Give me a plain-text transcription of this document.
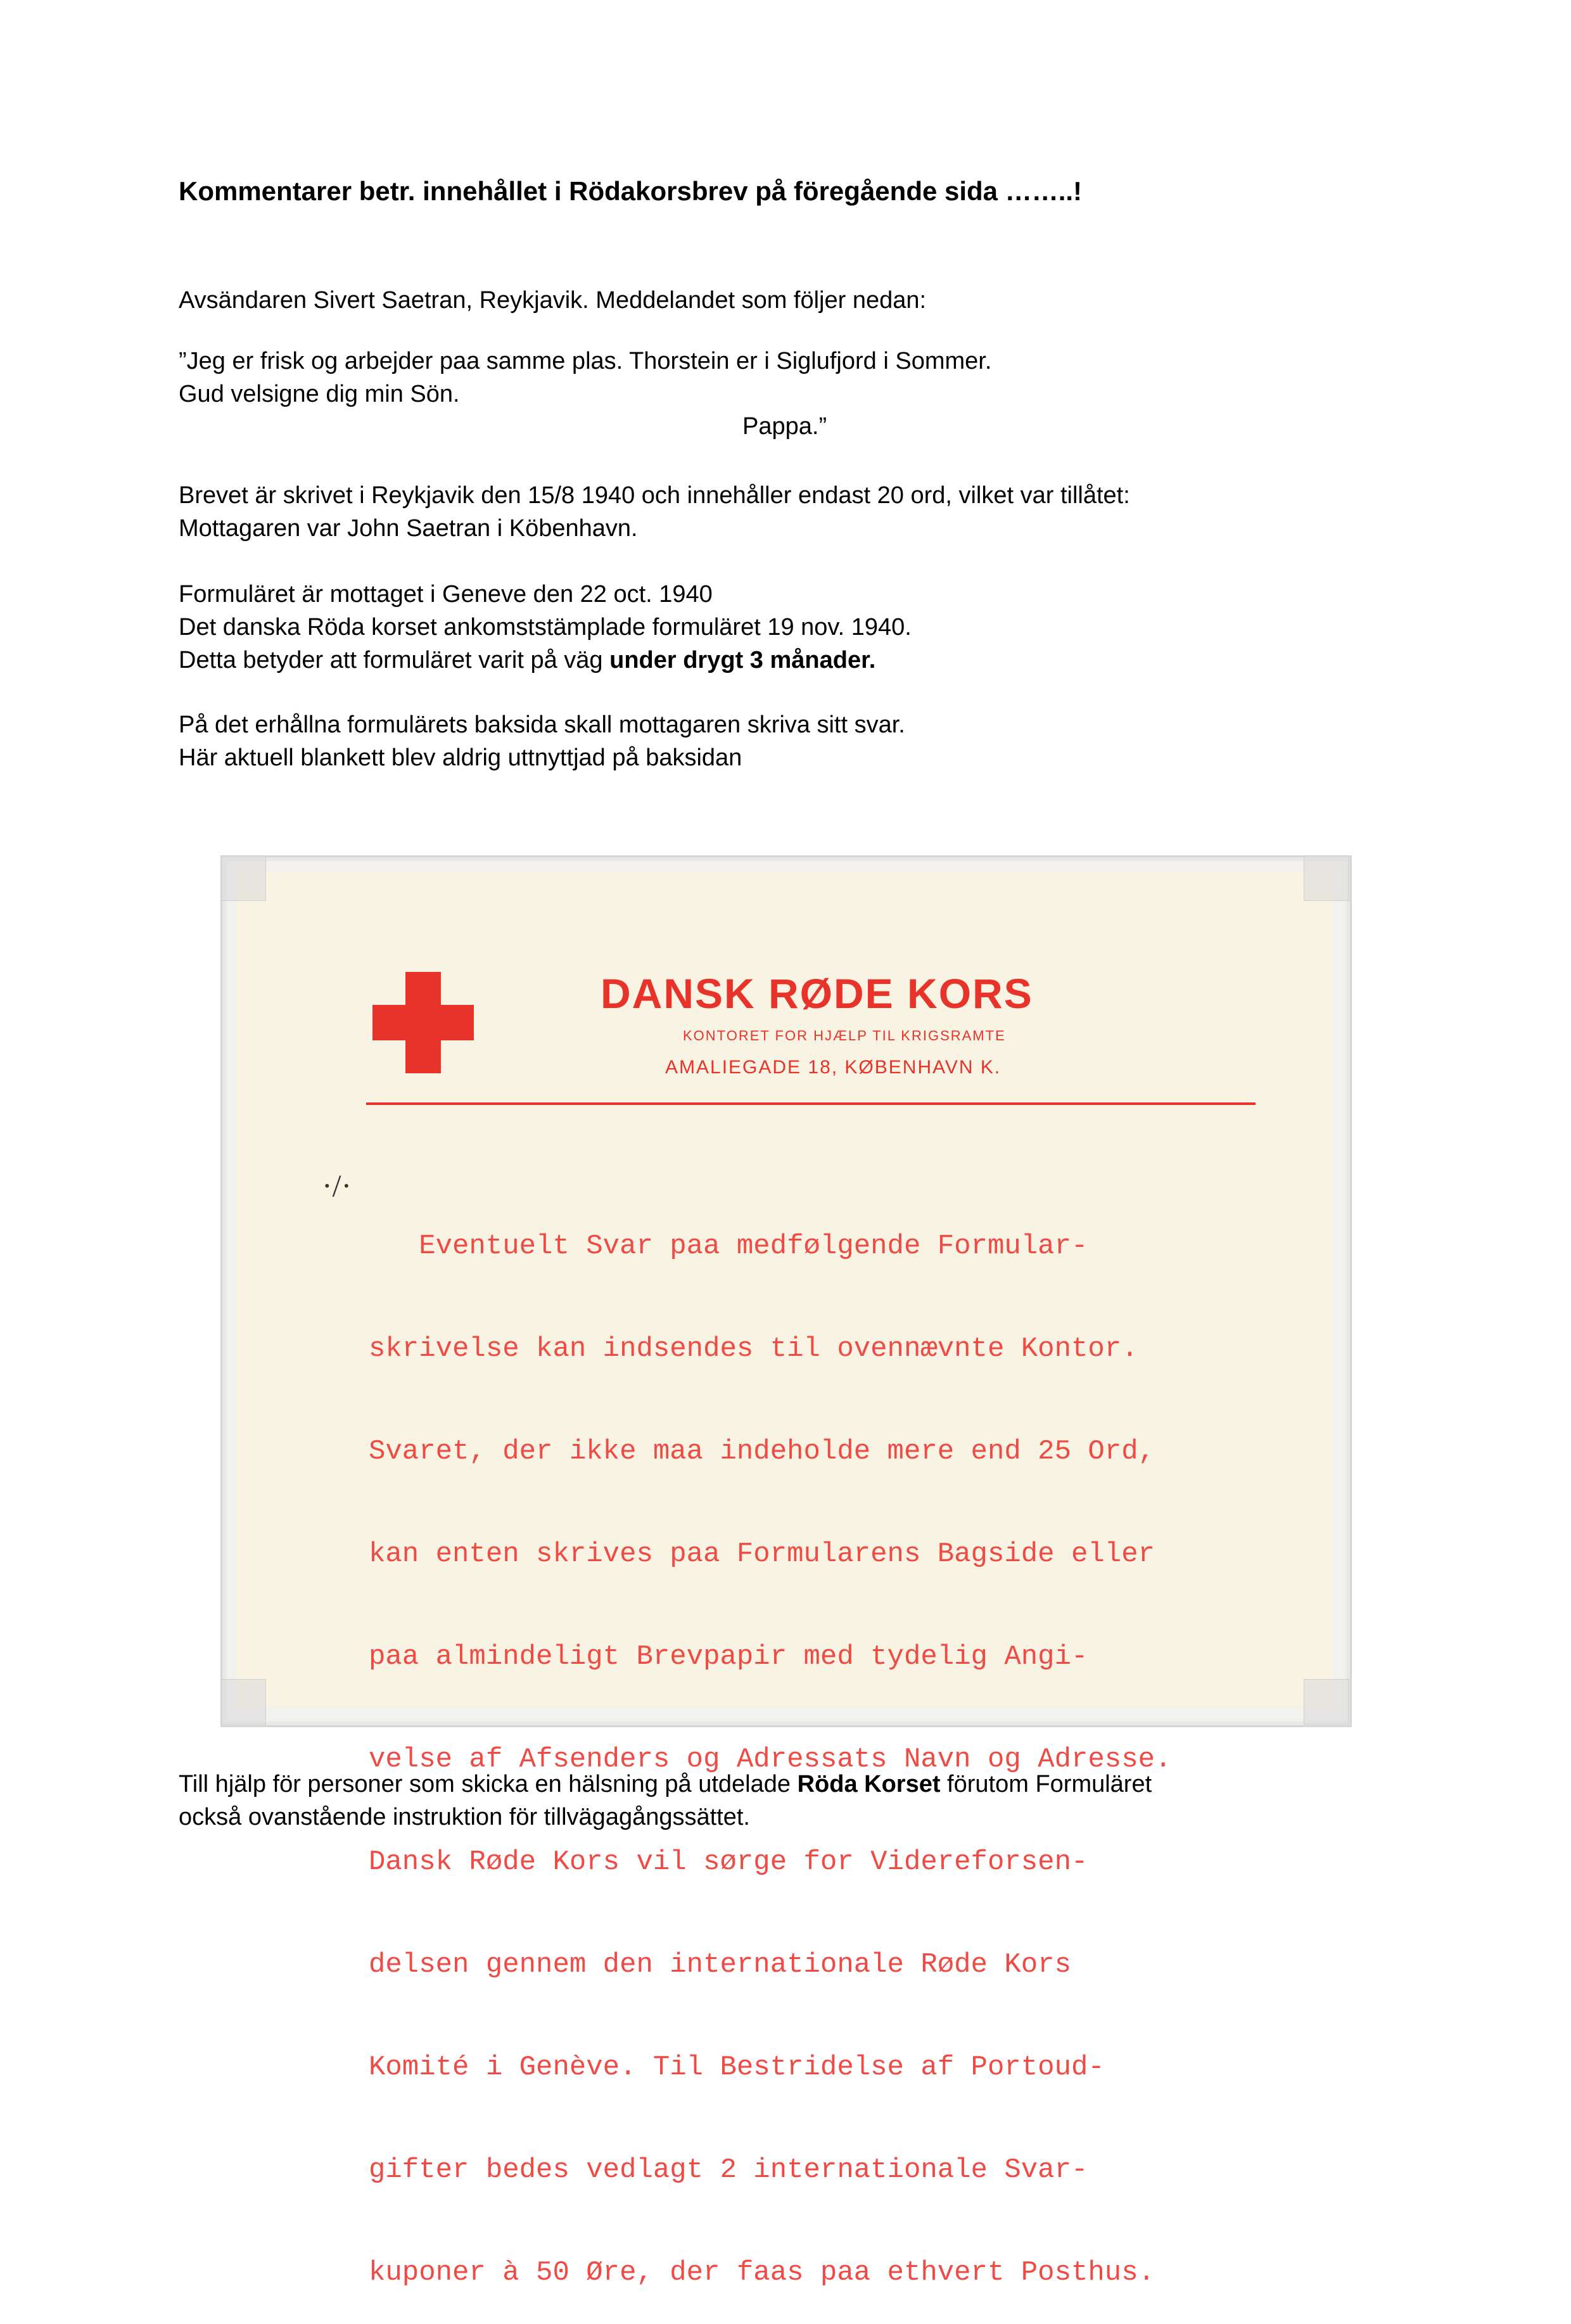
Kommentarer betr. innehållet i Rödakorsbrev på föregående sida ……..!
Avsändaren Sivert Saetran, Reykjavik. Meddelandet som följer nedan:
”Jeg er frisk og arbejder paa samme plas. Thorstein er i Siglufjord i Sommer.
Gud velsigne dig min Sön.
Pappa.”
Brevet är skrivet i Reykjavik den 15/8 1940 och innehåller endast 20 ord, vilket var tillåtet:
Mottagaren var John Saetran i Köbenhavn.
Formuläret är mottaget i Geneve den 22 oct. 1940
Det danska Röda korset ankomststämplade formuläret 19 nov. 1940.
Detta betyder att formuläret varit på väg under drygt 3 månader.
På det erhållna formulärets baksida skall mottagaren skriva sitt svar.
Här aktuell blankett blev aldrig uttnyttjad på baksidan
DANSK RØDE KORS
KONTORET FOR HJÆLP TIL KRIGSRAMTE
AMALIEGADE 18, KØBENHAVN K.
·/·

Eventuelt Svar paa medfølgende Formular-

skrivelse kan indsendes til ovennævnte Kontor.

Svaret, der ikke maa indeholde mere end 25 Ord,

kan enten skrives paa Formularens Bagside eller

paa almindeligt Brevpapir med tydelig Angi-

velse af Afsenders og Adressats Navn og Adresse.

Dansk Røde Kors vil sørge for Videreforsen-

delsen gennem den internationale Røde Kors

Komité i Genève. Til Bestridelse af Portoud-

gifter bedes vedlagt 2 internationale Svar-

kuponer à 50 Øre, der faas paa ethvert Posthus.

Till hjälp för personer som skicka en hälsning på utdelade Röda Korset förutom Formuläret
också ovanstående instruktion för tillvägagångssättet.
